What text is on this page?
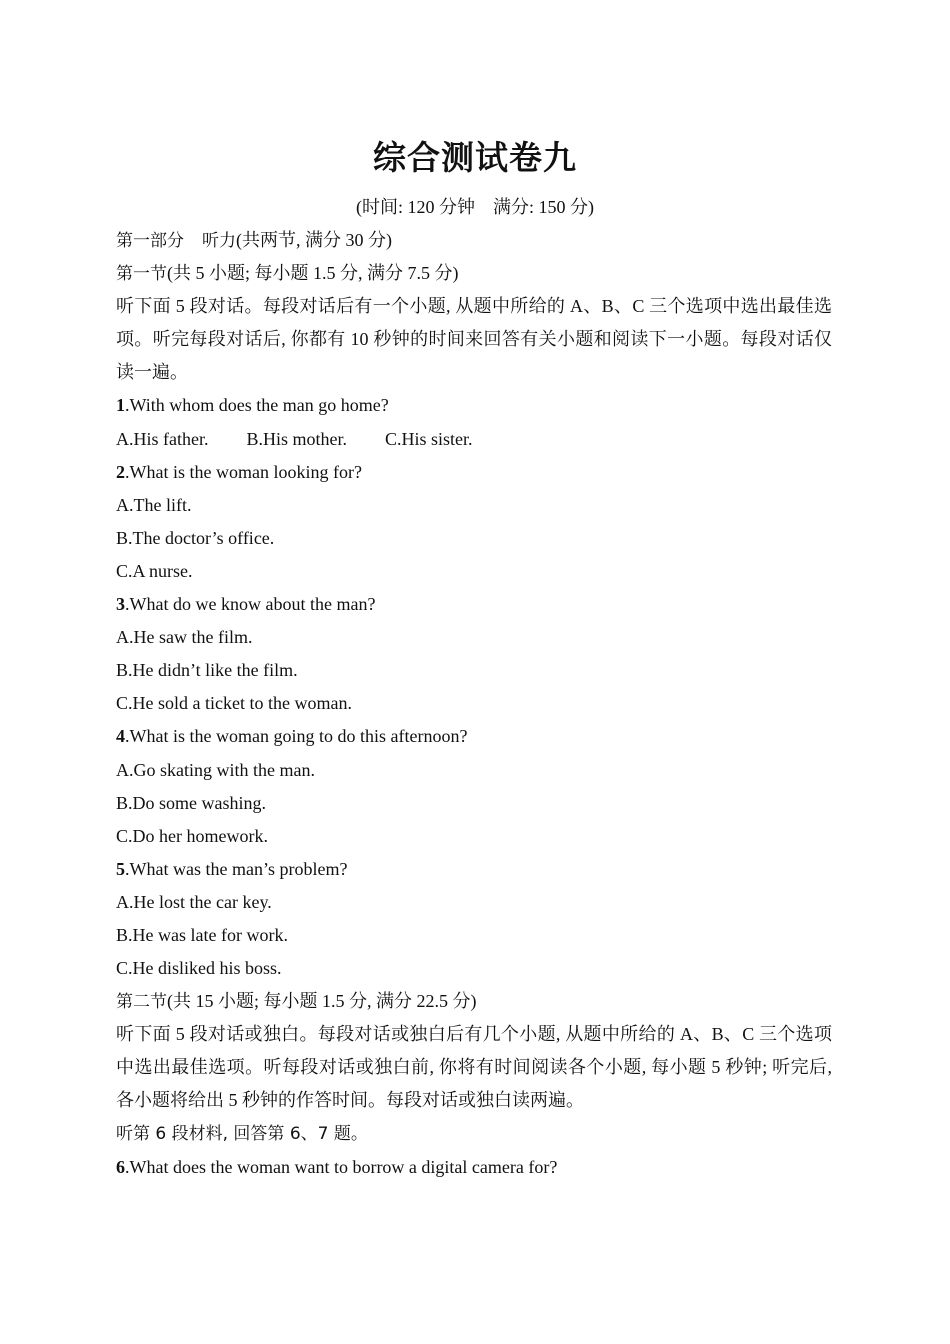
综合测试卷九
(时间: 120 分钟    满分: 150 分)
第一部分 听力(共两节, 满分 30 分)
第一节(共 5 小题; 每小题 1.5 分, 满分 7.5 分)
听下面 5 段对话。每段对话后有一个小题, 从题中所给的 A、B、C 三个选项中选出最佳选项。听完每段对话后, 你都有 10 秒钟的时间来回答有关小题和阅读下一小题。每段对话仅读一遍。
1.With whom does the man go home?
A.His father. B.His mother. C.His sister.
2.What is the woman looking for?
A.The lift.
B.The doctor’s office.
C.A nurse.
3.What do we know about the man?
A.He saw the film.
B.He didn’t like the film.
C.He sold a ticket to the woman.
4.What is the woman going to do this afternoon?
A.Go skating with the man.
B.Do some washing.
C.Do her homework.
5.What was the man’s problem?
A.He lost the car key.
B.He was late for work.
C.He disliked his boss.
第二节(共 15 小题; 每小题 1.5 分, 满分 22.5 分)
听下面 5 段对话或独白。每段对话或独白后有几个小题, 从题中所给的 A、B、C 三个选项中选出最佳选项。听每段对话或独白前, 你将有时间阅读各个小题, 每小题 5 秒钟; 听完后, 各小题将给出 5 秒钟的作答时间。每段对话或独白读两遍。
听第 6 段材料, 回答第 6、7 题。
6.What does the woman want to borrow a digital camera for?
